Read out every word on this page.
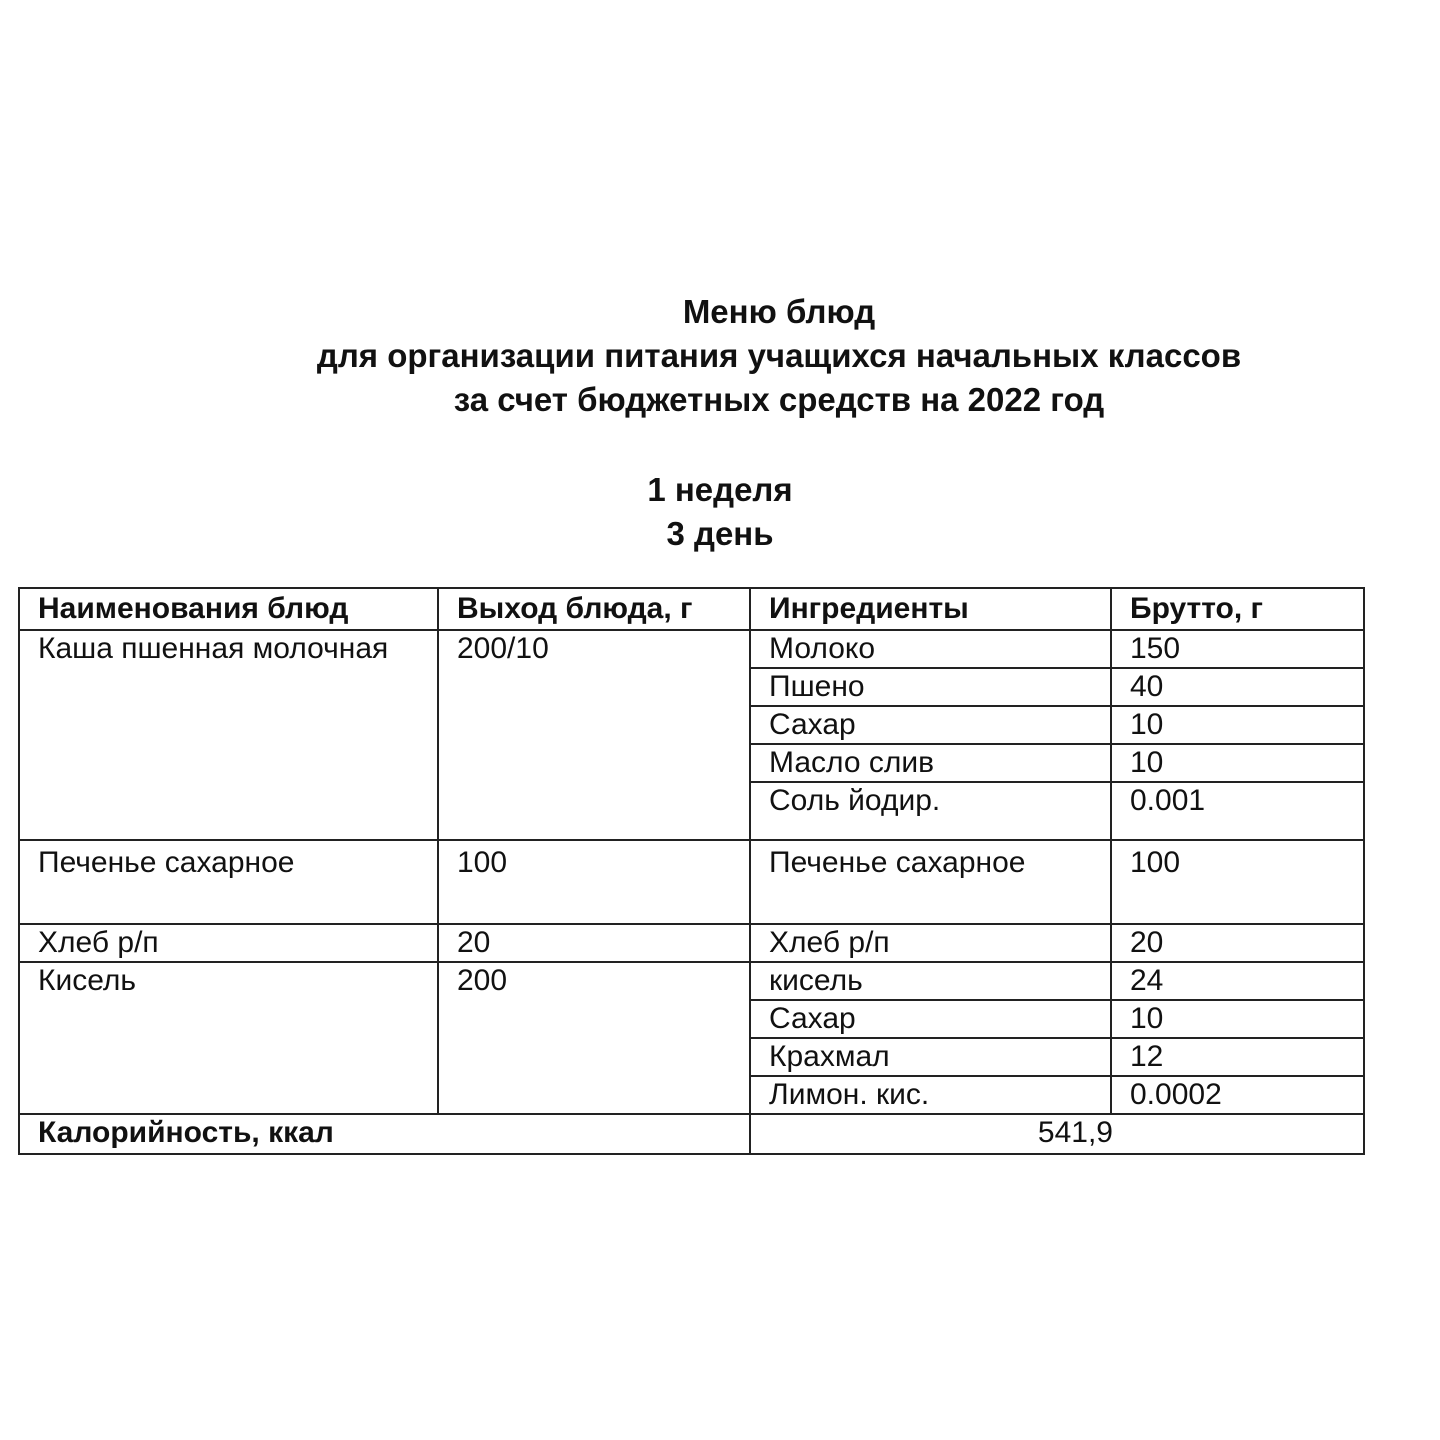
Меню блюд
для организации питания учащихся начальных классов
за счет бюджетных средств на 2022 год
1 неделя
3 день
Наименования блюд	Выход блюда, г	Ингредиенты	Брутто, г
Каша пшенная молочная	200/10	Молоко	150
		Пшено	40
		Сахар	10
		Масло слив	10
		Соль йодир.	0.001
Печенье сахарное	100	Печенье сахарное	100
Хлеб р/п	20	Хлеб р/п	20
Кисель	200	кисель	24
		Сахар	10
		Крахмал	12
		Лимон. кис.	0.0002
Калорийность, ккал		541,9	
